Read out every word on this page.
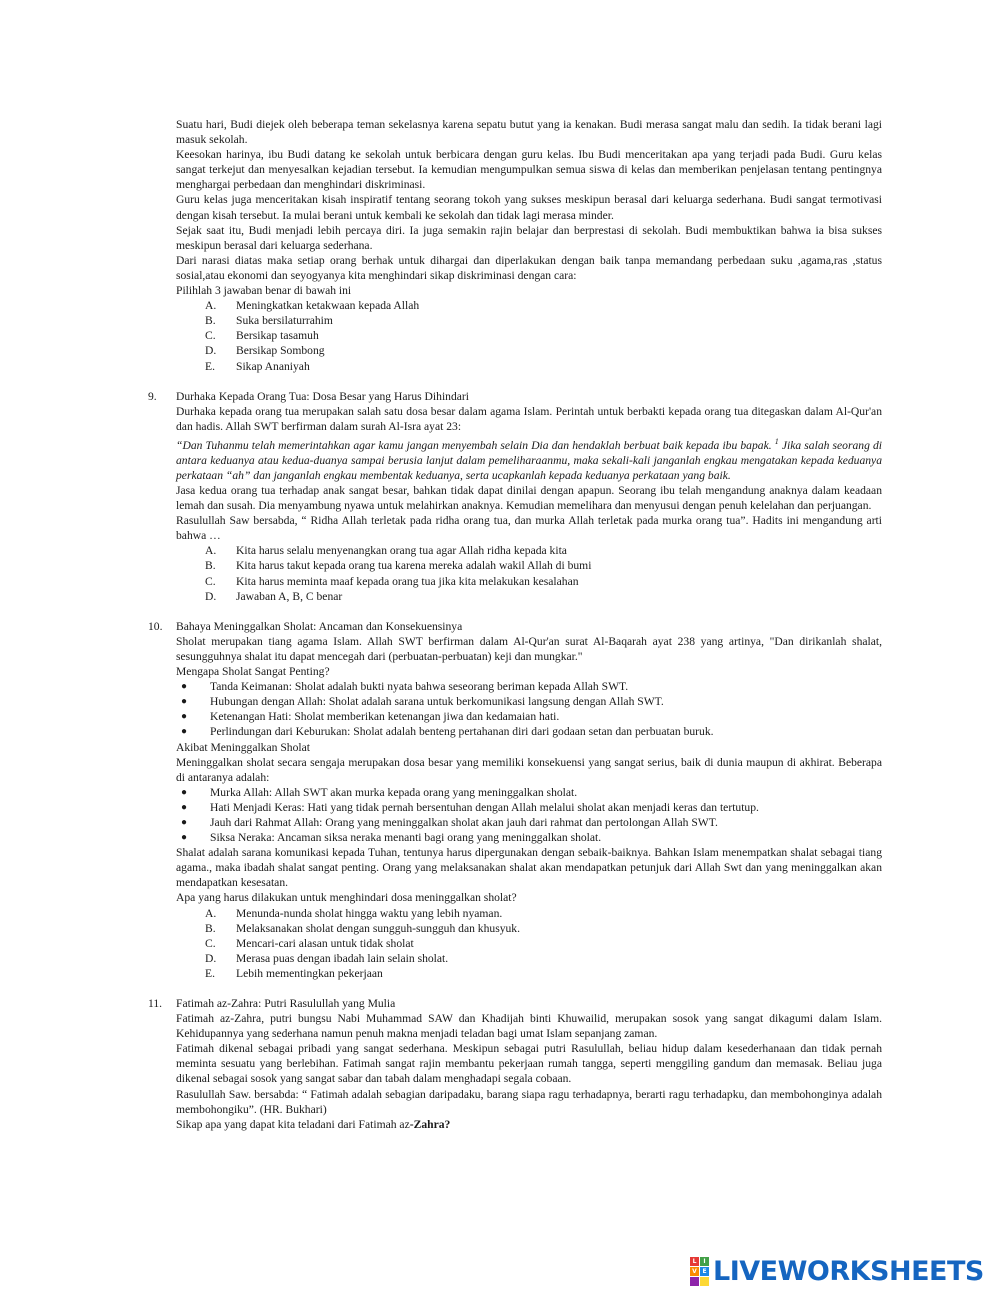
Suatu hari, Budi diejek oleh beberapa teman sekelasnya karena sepatu butut yang ia kenakan. Budi merasa sangat malu dan sedih. Ia tidak berani lagi masuk sekolah.

Keesokan harinya, ibu Budi datang ke sekolah untuk berbicara dengan guru kelas. Ibu Budi menceritakan apa yang terjadi pada Budi. Guru kelas sangat terkejut dan menyesalkan kejadian tersebut. Ia kemudian mengumpulkan semua siswa di kelas dan memberikan penjelasan tentang pentingnya menghargai perbedaan dan menghindari diskriminasi.

Guru kelas juga menceritakan kisah inspiratif tentang seorang tokoh yang sukses meskipun berasal dari keluarga sederhana. Budi sangat termotivasi dengan kisah tersebut. Ia mulai berani untuk kembali ke sekolah dan tidak lagi merasa minder.

Sejak saat itu, Budi menjadi lebih percaya diri. Ia juga semakin rajin belajar dan berprestasi di sekolah. Budi membuktikan bahwa ia bisa sukses meskipun berasal dari keluarga sederhana.

Dari narasi diatas maka setiap orang berhak untuk dihargai dan diperlakukan dengan baik tanpa memandang perbedaan suku ,agama,ras ,status sosial,atau ekonomi dan seyogyanya kita menghindari sikap diskriminasi dengan cara:

Pilihlah 3 jawaban benar di bawah ini

A.	Meningkatkan ketakwaan kepada Allah
B.	Suka bersilaturrahim
C.	Bersikap tasamuh
D.	Bersikap Sombong
E.	Sikap Ananiyah
9.	Durhaka Kepada Orang Tua: Dosa Besar yang Harus Dihindari

Durhaka kepada orang tua merupakan salah satu dosa besar dalam agama Islam. Perintah untuk berbakti kepada orang tua ditegaskan dalam Al-Qur'an dan hadis. Allah SWT berfirman dalam surah Al-Isra ayat 23:

“Dan Tuhanmu telah memerintahkan agar kamu jangan menyembah selain Dia dan hendaklah berbuat baik kepada ibu bapak. $^1$ Jika salah seorang di antara keduanya atau kedua-duanya sampai berusia lanjut dalam pemeliharaanmu, maka sekali-kali janganlah engkau mengatakan kepada keduanya perkataan “ah” dan janganlah engkau membentak keduanya, serta ucapkanlah kepada keduanya perkataan yang baik.

Jasa kedua orang tua terhadap anak sangat besar, bahkan tidak dapat dinilai dengan apapun. Seorang ibu telah mengandung anaknya dalam keadaan lemah dan susah. Dia menyambung nyawa untuk melahirkan anaknya. Kemudian memelihara dan menyusui dengan penuh kelelahan dan perjuangan.

Rasulullah Saw bersabda, “ Ridha Allah terletak pada ridha orang tua, dan murka Allah terletak pada murka orang tua”. Hadits ini mengandung arti bahwa …

A.	Kita harus selalu menyenangkan orang tua agar Allah ridha kepada kita
B.	Kita harus takut kepada orang tua karena mereka adalah wakil Allah di bumi
C.	Kita harus meminta maaf kepada orang tua jika kita melakukan kesalahan
D.	Jawaban A, B, C benar
10.	Bahaya Meninggalkan Sholat: Ancaman dan Konsekuensinya

Sholat merupakan tiang agama Islam. Allah SWT berfirman dalam Al-Qur'an surat Al-Baqarah ayat 238 yang artinya, "Dan dirikanlah shalat, sesungguhnya shalat itu dapat mencegah dari (perbuatan-perbuatan) keji dan mungkar."

Mengapa Sholat Sangat Penting?

●	Tanda Keimanan: Sholat adalah bukti nyata bahwa seseorang beriman kepada Allah SWT.
●	Hubungan dengan Allah: Sholat adalah sarana untuk berkomunikasi langsung dengan Allah SWT.
●	Ketenangan Hati: Sholat memberikan ketenangan jiwa dan kedamaian hati.
●	Perlindungan dari Keburukan: Sholat adalah benteng pertahanan diri dari godaan setan dan perbuatan buruk.

Akibat Meninggalkan Sholat

Meninggalkan sholat secara sengaja merupakan dosa besar yang memiliki konsekuensi yang sangat serius, baik di dunia maupun di akhirat. Beberapa di antaranya adalah:

●	Murka Allah: Allah SWT akan murka kepada orang yang meninggalkan sholat.
●	Hati Menjadi Keras: Hati yang tidak pernah bersentuhan dengan Allah melalui sholat akan menjadi keras dan tertutup.
●	Jauh dari Rahmat Allah: Orang yang meninggalkan sholat akan jauh dari rahmat dan pertolongan Allah SWT.
●	Siksa Neraka: Ancaman siksa neraka menanti bagi orang yang meninggalkan sholat.

Shalat adalah sarana komunikasi kepada Tuhan, tentunya harus dipergunakan dengan sebaik-baiknya. Bahkan Islam menempatkan shalat sebagai tiang agama., maka ibadah shalat sangat penting. Orang yang melaksanakan shalat akan mendapatkan petunjuk dari Allah Swt dan yang meninggalkan akan mendapatkan kesesatan.

Apa yang harus dilakukan untuk menghindari dosa meninggalkan sholat?

A.	Menunda-nunda sholat hingga waktu yang lebih nyaman.
B.	Melaksanakan sholat dengan sungguh-sungguh dan khusyuk.
C.	Mencari-cari alasan untuk tidak sholat
D.	Merasa puas dengan ibadah lain selain sholat.
E.	Lebih mementingkan pekerjaan
11.	Fatimah az-Zahra: Putri Rasulullah yang Mulia

Fatimah az-Zahra, putri bungsu Nabi Muhammad SAW dan Khadijah binti Khuwailid, merupakan sosok yang sangat dikagumi dalam Islam. Kehidupannya yang sederhana namun penuh makna menjadi teladan bagi umat Islam sepanjang zaman.

Fatimah dikenal sebagai pribadi yang sangat sederhana. Meskipun sebagai putri Rasulullah, beliau hidup dalam kesederhanaan dan tidak pernah meminta sesuatu yang berlebihan. Fatimah sangat rajin membantu pekerjaan rumah tangga, seperti menggiling gandum dan memasak. Beliau juga dikenal sebagai sosok yang sangat sabar dan tabah dalam menghadapi segala cobaan.

Rasulullah Saw. bersabda: “ Fatimah adalah sebagian daripadaku, barang siapa ragu terhadapnya, berarti ragu terhadapku, dan membohonginya adalah membohongiku”. (HR. Bukhari)

Sikap apa yang dapat kita teladani dari Fatimah az-Zahra?

L	I
V E LIVEWORKSHEETS
